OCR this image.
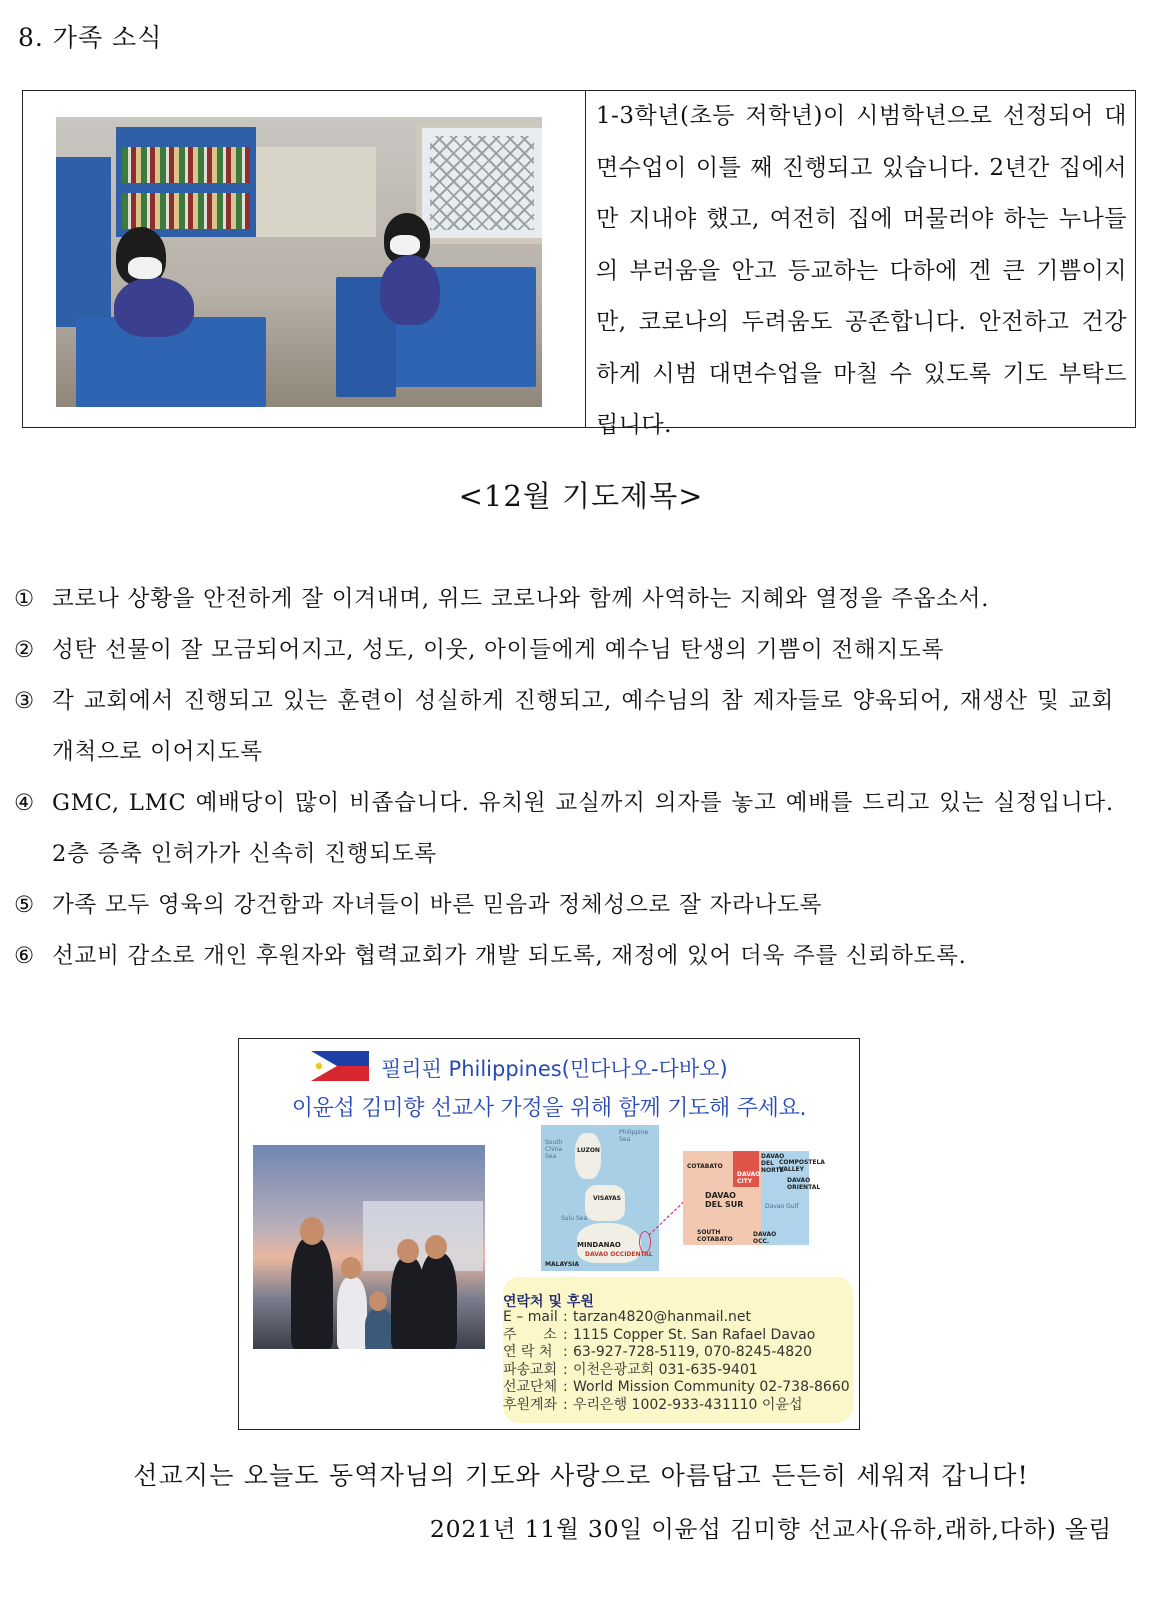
8. 가족 소식
1-3학년(초등 저학년)이 시범학년으로 선정되어 대면수업이 이틀 째 진행되고 있습니다. 2년간 집에서만 지내야 했고, 여전히 집에 머물러야 하는 누나들의 부러움을 안고 등교하는 다하에 겐 큰 기쁨이지만, 코로나의 두려움도 공존합니다. 안전하고 건강하게 시범 대면수업을 마칠 수 있도록 기도 부탁드립니다.
<12월 기도제목>
① 코로나 상황을 안전하게 잘 이겨내며, 위드 코로나와 함께 사역하는 지혜와 열정을 주옵소서.
② 성탄 선물이 잘 모금되어지고, 성도, 이웃, 아이들에게 예수님 탄생의 기쁨이 전해지도록
③ 각 교회에서 진행되고 있는 훈련이 성실하게 진행되고, 예수님의 참 제자들로 양육되어, 재생산 및 교회개척으로 이어지도록
④ GMC, LMC 예배당이 많이 비좁습니다. 유치원 교실까지 의자를 놓고 예배를 드리고 있는 실정입니다. 2층 증축 인허가가 신속히 진행되도록
⑤ 가족 모두 영육의 강건함과 자녀들이 바른 믿음과 정체성으로 잘 자라나도록
⑥ 선교비 감소로 개인 후원자와 협력교회가 개발 되도록, 재정에 있어 더욱 주를 신뢰하도록.
필리핀 Philippines(민다나오-다바오)
이윤섭 김미향 선교사 가정을 위해 함께 기도해 주세요.
Philippine Sea
South China Sea
LUZON
VISAYAS
Sulu Sea
MINDANAO
DAVAO OCCIDENTAL
MALAYSIA
COTABATO
DAVAO DEL NORTE
COMPOSTELA VALLEY
DAVAO CITY
DAVAO DEL SUR
DAVAO ORIENTAL
Davao Gulf
SOUTH COTABATO
DAVAO OCC.
연락처 및 후원
E – mail : tarzan4820@hanmail.net
주      소 : 1115 Copper St. San Rafael Davao
연 락 처 : 63-927-728-5119, 070-8245-4820
파송교회 : 이천은광교회 031-635-9401
선교단체 : World Mission Community 02-738-8660
후원계좌 : 우리은행 1002-933-431110 이윤섭
선교지는 오늘도 동역자님의 기도와 사랑으로 아름답고 든든히 세워져 갑니다!
2021년 11월 30일 이윤섭 김미향 선교사(유하,래하,다하) 올림
